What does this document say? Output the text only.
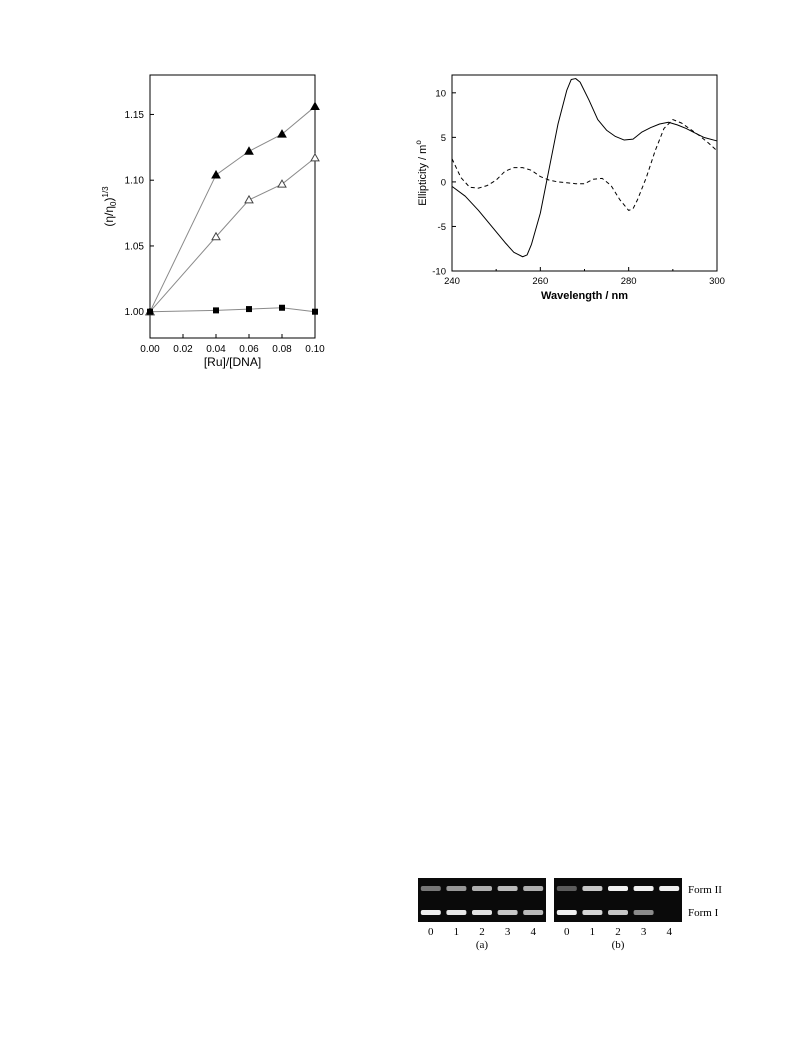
0.00 0.02 0.04 0.06 0.08 0.10
1.00
1.05
1.10
1.15
[Ru]/[DNA]
$(\eta/\eta_0)^{1/3}$
240	260	280	300
-10
-5
0
5
10
Wavelength / nm
Ellipticity / $m^o$
0 1 2 3 4
(a)
0 1 2 3 4
(b)
Form II
Form I
